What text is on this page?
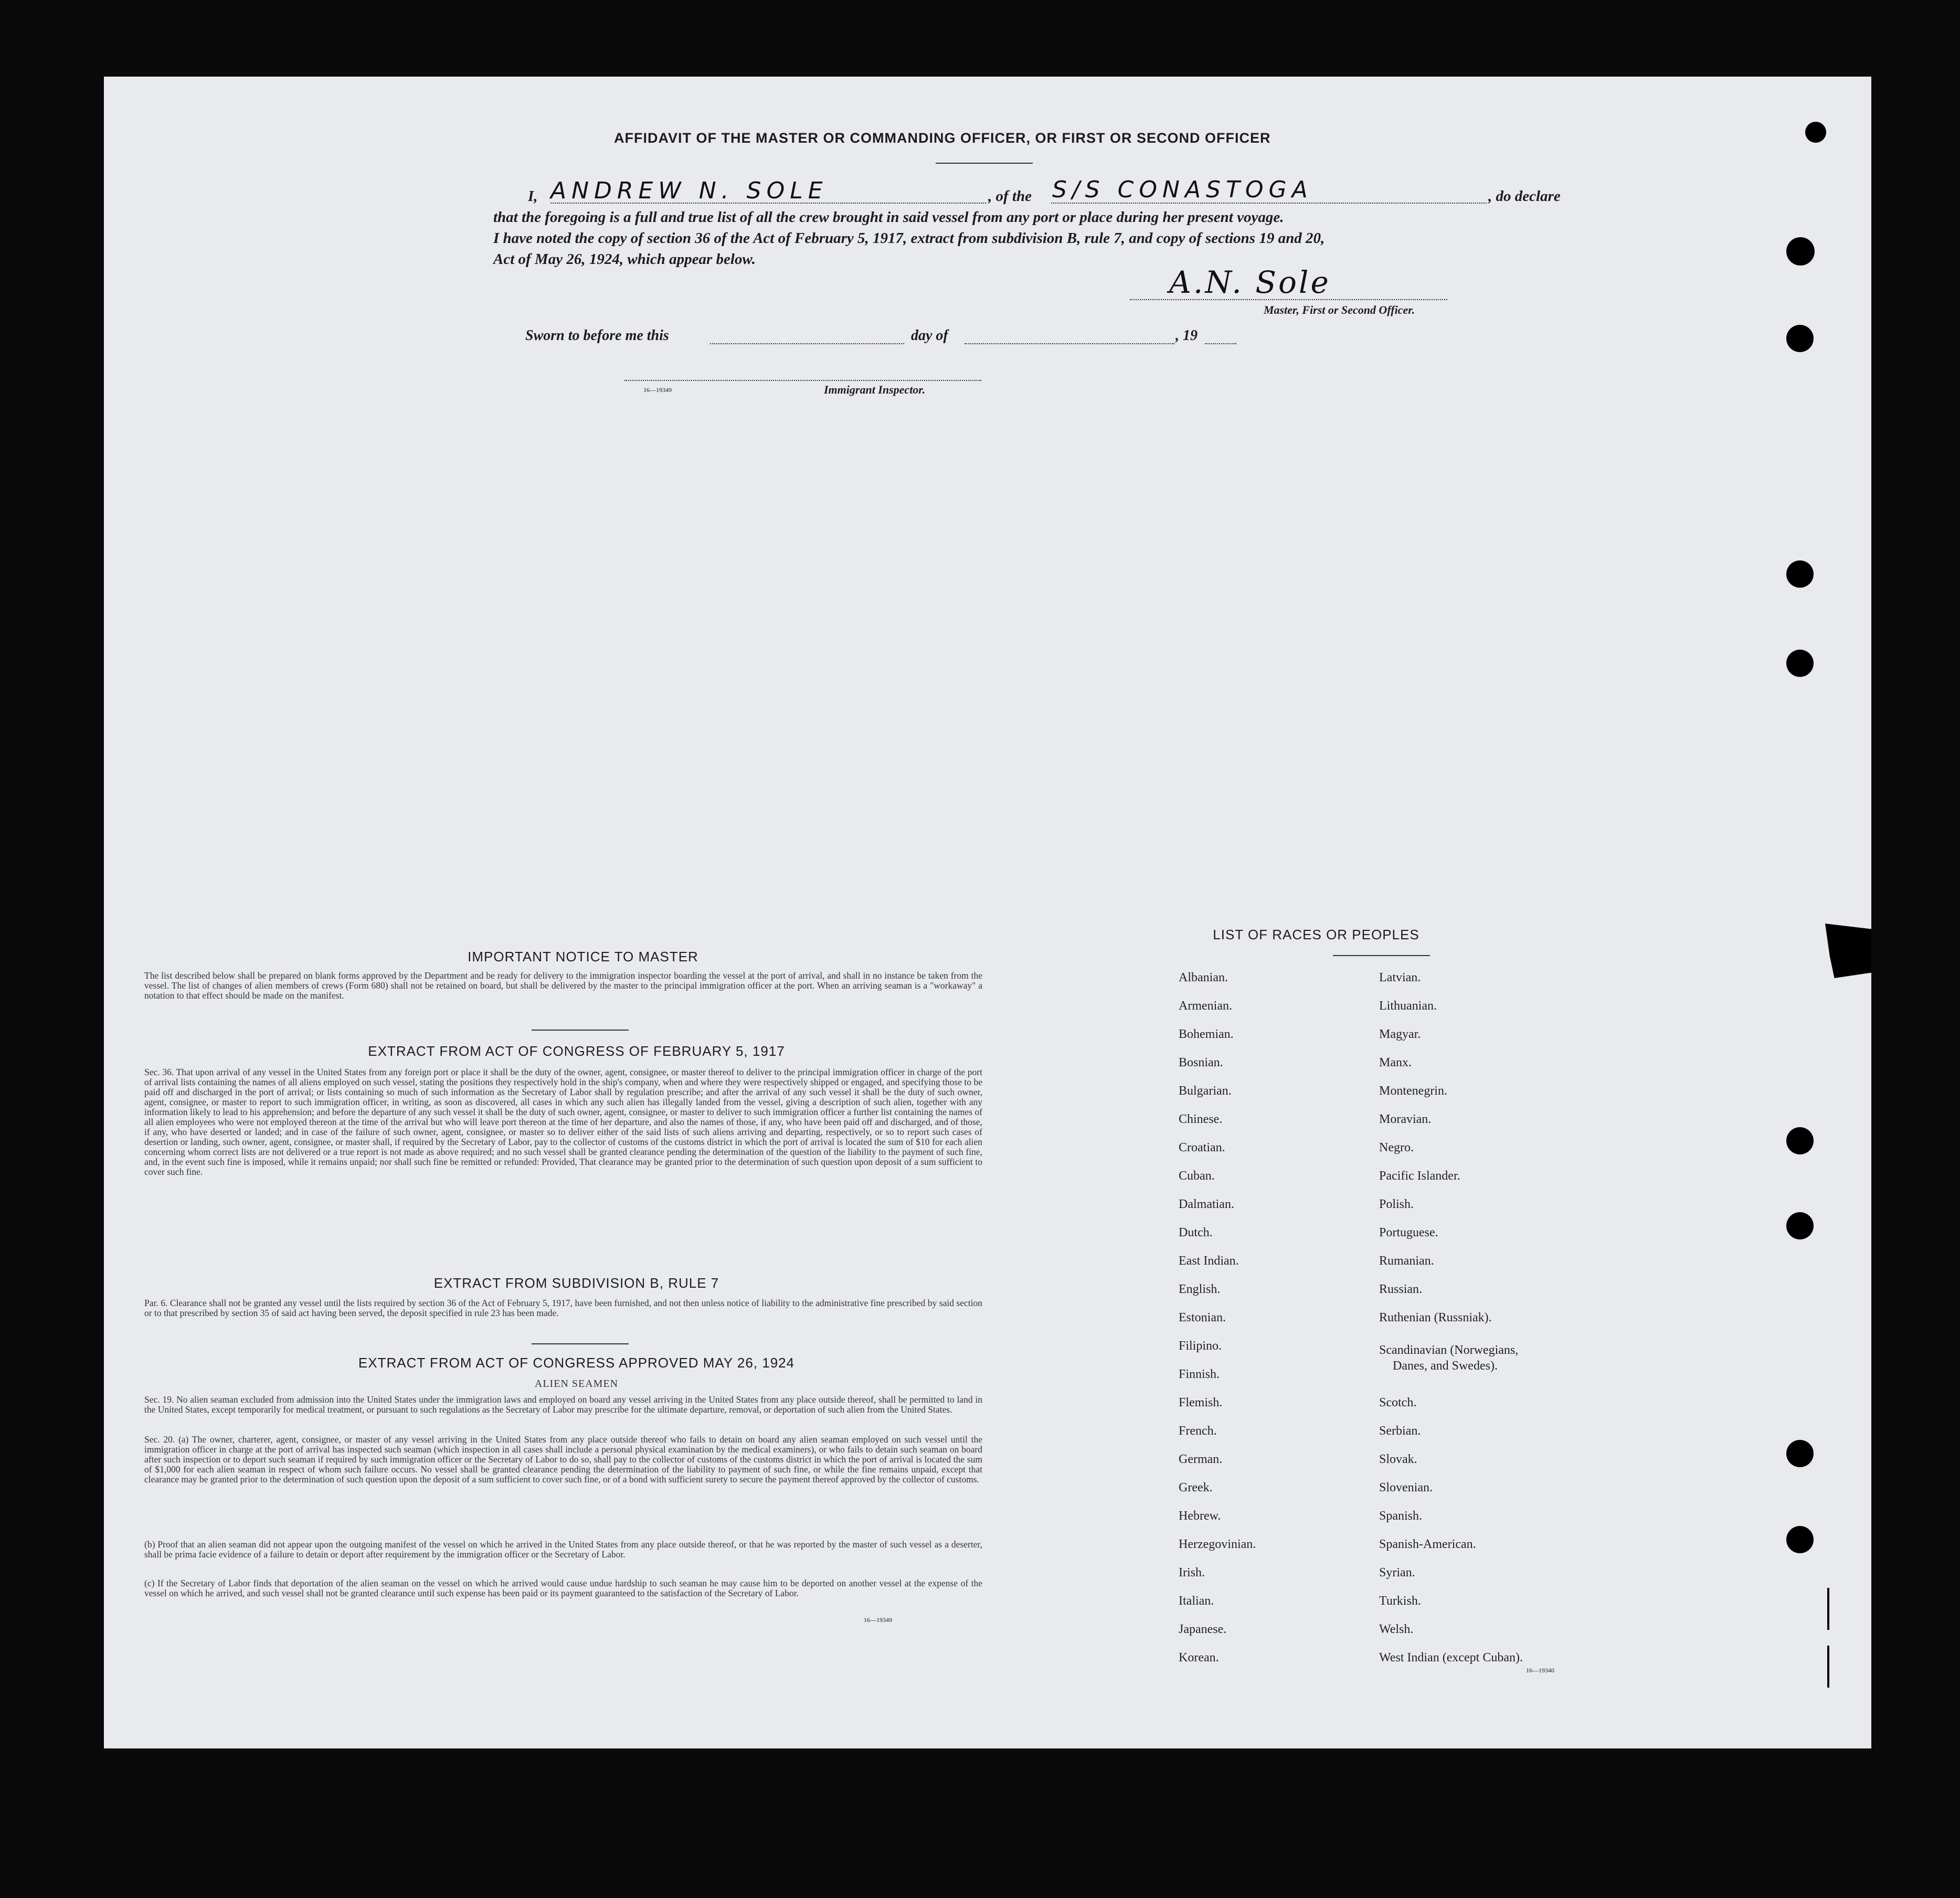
AFFIDAVIT OF THE MASTER OR COMMANDING OFFICER, OR FIRST OR SECOND OFFICER
I, ANDREW N. SOLE	, of the S/S CONASTOGA	, do declare
that the foregoing is a full and true list of all the crew brought in said vessel from any port or place during her present voyage.
I have noted the copy of section 36 of the Act of February 5, 1917, extract from subdivision B, rule 7, and copy of sections 19 and 20,
Act of May 26, 1924, which appear below.
A.N. Sole
Master, First or Second Officer.
Sworn to before me this	day of	, 19
16—19349	Immigrant Inspector.
IMPORTANT NOTICE TO MASTER
The list described below shall be prepared on blank forms approved by the Department and be ready for delivery to the immigration inspector boarding the vessel at the port of arrival, and shall in no instance be taken from the vessel. The list of changes of alien members of crews (Form 680) shall not be retained on board, but shall be delivered by the master to the principal immigration officer at the port. When an arriving seaman is a "workaway" a notation to that effect should be made on the manifest.
EXTRACT FROM ACT OF CONGRESS OF FEBRUARY 5, 1917
Sec. 36. That upon arrival of any vessel in the United States from any foreign port or place it shall be the duty of the owner, agent, consignee, or master thereof to deliver to the principal immigration officer in charge of the port of arrival lists containing the names of all aliens employed on such vessel, stating the positions they respectively hold in the ship's company, when and where they were respectively shipped or engaged, and specifying those to be paid off and discharged in the port of arrival; or lists containing so much of such information as the Secretary of Labor shall by regulation prescribe; and after the arrival of any such vessel it shall be the duty of such owner, agent, consignee, or master to report to such immigration officer, in writing, as soon as discovered, all cases in which any such alien has illegally landed from the vessel, giving a description of such alien, together with any information likely to lead to his apprehension; and before the departure of any such vessel it shall be the duty of such owner, agent, consignee, or master to deliver to such immigration officer a further list containing the names of all alien employees who were not employed thereon at the time of the arrival but who will leave port thereon at the time of her departure, and also the names of those, if any, who have been paid off and discharged, and of those, if any, who have deserted or landed; and in case of the failure of such owner, agent, consignee, or master so to deliver either of the said lists of such aliens arriving and departing, respectively, or so to report such cases of desertion or landing, such owner, agent, consignee, or master shall, if required by the Secretary of Labor, pay to the collector of customs of the customs district in which the port of arrival is located the sum of $10 for each alien concerning whom correct lists are not delivered or a true report is not made as above required; and no such vessel shall be granted clearance pending the determination of the question of the liability to the payment of such fine, and, in the event such fine is imposed, while it remains unpaid; nor shall such fine be remitted or refunded: Provided, That clearance may be granted prior to the determination of such question upon deposit of a sum sufficient to cover such fine.
EXTRACT FROM SUBDIVISION B, RULE 7
Par. 6. Clearance shall not be granted any vessel until the lists required by section 36 of the Act of February 5, 1917, have been furnished, and not then unless notice of liability to the administrative fine prescribed by said section or to that prescribed by section 35 of said act having been served, the deposit specified in rule 23 has been made.
EXTRACT FROM ACT OF CONGRESS APPROVED MAY 26, 1924
ALIEN SEAMEN
Sec. 19. No alien seaman excluded from admission into the United States under the immigration laws and employed on board any vessel arriving in the United States from any place outside thereof, shall be permitted to land in the United States, except temporarily for medical treatment, or pursuant to such regulations as the Secretary of Labor may prescribe for the ultimate departure, removal, or deportation of such alien from the United States.
Sec. 20. (a) The owner, charterer, agent, consignee, or master of any vessel arriving in the United States from any place outside thereof who fails to detain on board any alien seaman employed on such vessel until the immigration officer in charge at the port of arrival has inspected such seaman (which inspection in all cases shall include a personal physical examination by the medical examiners), or who fails to detain such seaman on board after such inspection or to deport such seaman if required by such immigration officer or the Secretary of Labor to do so, shall pay to the collector of customs of the customs district in which the port of arrival is located the sum of $1,000 for each alien seaman in respect of whom such failure occurs. No vessel shall be granted clearance pending the determination of the liability to payment of such fine, or while the fine remains unpaid, except that clearance may be granted prior to the determination of such question upon the deposit of a sum sufficient to cover such fine, or of a bond with sufficient surety to secure the payment thereof approved by the collector of customs.
(b) Proof that an alien seaman did not appear upon the outgoing manifest of the vessel on which he arrived in the United States from any place outside thereof, or that he was reported by the master of such vessel as a deserter, shall be prima facie evidence of a failure to detain or deport after requirement by the immigration officer or the Secretary of Labor.
(c) If the Secretary of Labor finds that deportation of the alien seaman on the vessel on which he arrived would cause undue hardship to such seaman he may cause him to be deported on another vessel at the expense of the vessel on which he arrived, and such vessel shall not be granted clearance until such expense has been paid or its payment guaranteed to the satisfaction of the Secretary of Labor.
16—19349
LIST OF RACES OR PEOPLES
Albanian.
Armenian.
Bohemian.
Bosnian.
Bulgarian.
Chinese.
Croatian.
Cuban.
Dalmatian.
Dutch.
East Indian.
English.
Estonian.
Filipino.
Finnish.
Flemish.
French.
German.
Greek.
Hebrew.
Herzegovinian.
Irish.
Italian.
Japanese.
Korean.
Latvian.
Lithuanian.
Magyar.
Manx.
Montenegrin.
Moravian.
Negro.
Pacific Islander.
Polish.
Portuguese.
Rumanian.
Russian.
Ruthenian (Russniak).
Scandinavian (Norwegians,
Danes, and Swedes).
Scotch.
Serbian.
Slovak.
Slovenian.
Spanish.
Spanish-American.
Syrian.
Turkish.
Welsh.
West Indian (except Cuban).
16—19340
